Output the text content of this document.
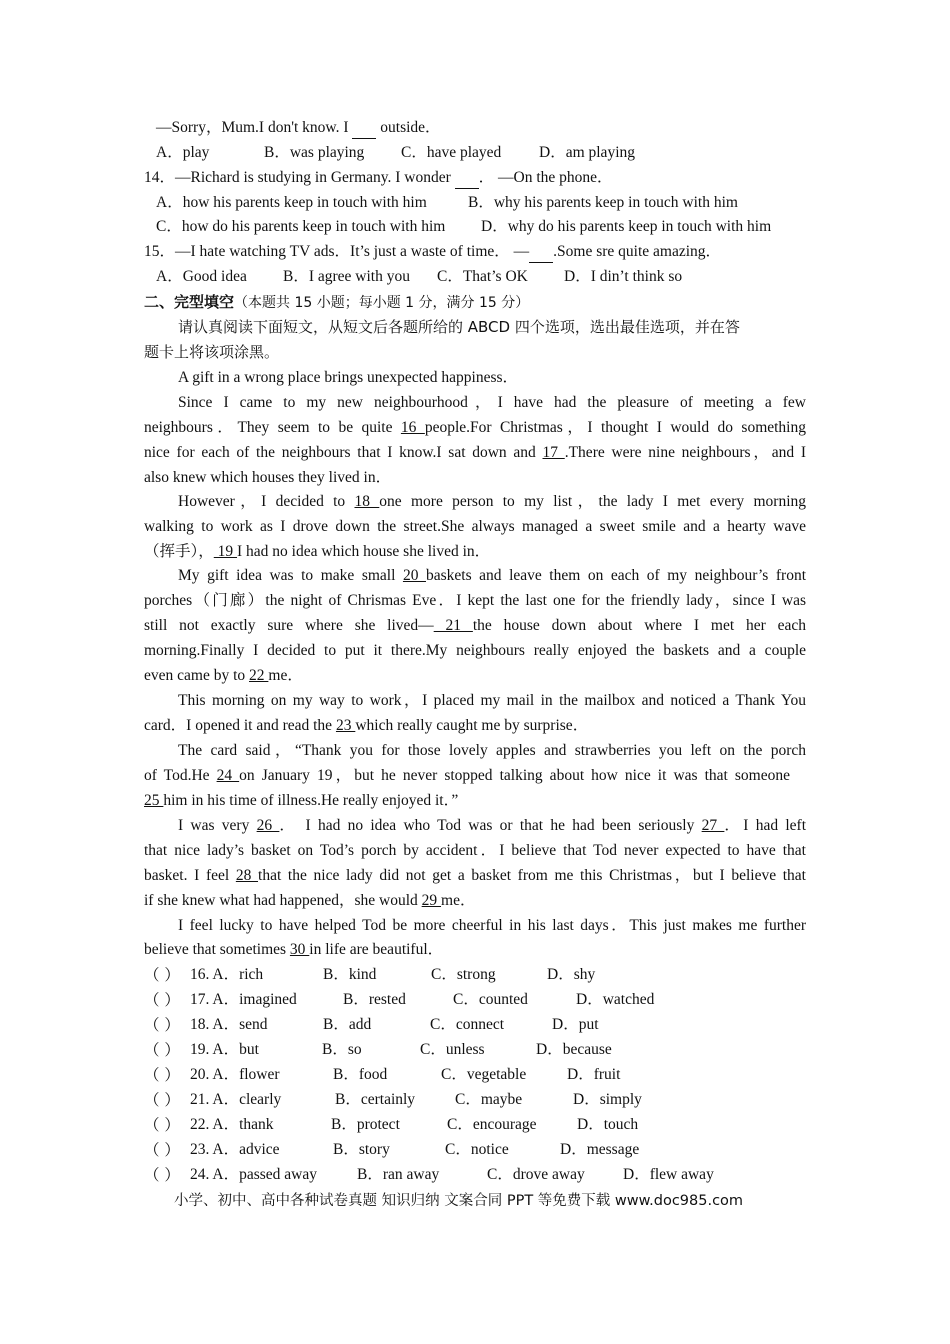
—Sorry，Mum.I don't know. I   outside．
A．play	B．was playing C．have played D．am playing
14．—Richard is studying in Germany. I wonder  ． —On the phone．
A．how his parents keep in touch with him	B．why his parents keep in touch with him
C．how do his parents keep in touch with him D．why do his parents keep in touch with him
15．—I hate watching TV ads．It’s just a waste of time． — .Some sre quite amazing．
A．Good idea B．I agree with you C．That’s OK D．I din’t think so
二、完型填空（本题共 15 小题；每小题 1 分，满分 15 分）
请认真阅读下面短文，从短文后各题所给的 ABCD 四个选项，选出最佳选项，并在答
题卡上将该项涂黑。
A gift in a wrong place brings unexpected happiness．
Since I came to my new neighbourhood，I have had the pleasure of meeting a few
neighbours．They seem to be quite 16 people.For Christmas，I thought I would do something
nice for each of the neighbours that I know.I sat down and 17 .There were nine neighbours，and I
also knew which houses they lived in．
However，I decided to 18 one more person to my list，the lady I met every morning
walking to work as I drove down the street.She always managed a sweet smile and a hearty wave
（挥手）， 19 I had no idea which house she lived in．
My gift idea was to make small 20 baskets and leave them on each of my neighbour’s front
porches（门廊）the night of Chrismas Eve．I kept the last one for the friendly lady，since I was
still not exactly sure where she lived— 21 the house down about where I met her each
morning.Finally I decided to put it there.My neighbours really enjoyed the baskets and a couple
even came by to 22 me．
This morning on my way to work，I placed my mail in the mailbox and noticed a Thank You
card．I opened it and read the 23 which really caught me by surprise．
The card said，“Thank you for those lovely apples and strawberries you left on the porch
of Tod.He 24 on January 19，but he never stopped talking about how nice it was that someone
25 him in his time of illness.He really enjoyed it．”
I was very 26 ． I had no idea who Tod was or that he had been seriously 27 ．I had left
that nice lady’s basket on Tod’s porch by accident．I believe that Tod never expected to have that
basket. I feel 28 that the nice lady did not get a basket from me this Christmas，but I believe that
if she knew what had happened，she would 29 me．
I feel lucky to have helped Tod be more cheerful in his last days．This just makes me further
believe that sometimes 30 in life are beautiful．
（ ） 16. A．rich	B．kind	C．strong	D．shy
（ ） 17. A．imagined	B．rested	C．counted	D．watched
（ ） 18. A．send	B．add	C．connect	D．put
（ ） 19. A．but	B．so	C．unless	D．because
（ ） 20. A．flower	B．food	C．vegetable	D．fruit
（ ） 21. A．clearly	B．certainly	C．maybe	D．simply
（ ） 22. A．thank	B．protect	C．encourage	D．touch
（ ） 23. A．advice	B．story	C．notice	D．message
（ ） 24. A．passed away	B．ran away	C．drove away D．flew away
小学、初中、高中各种试卷真题 知识归纳 文案合同 PPT 等免费下载 www.doc985.com
